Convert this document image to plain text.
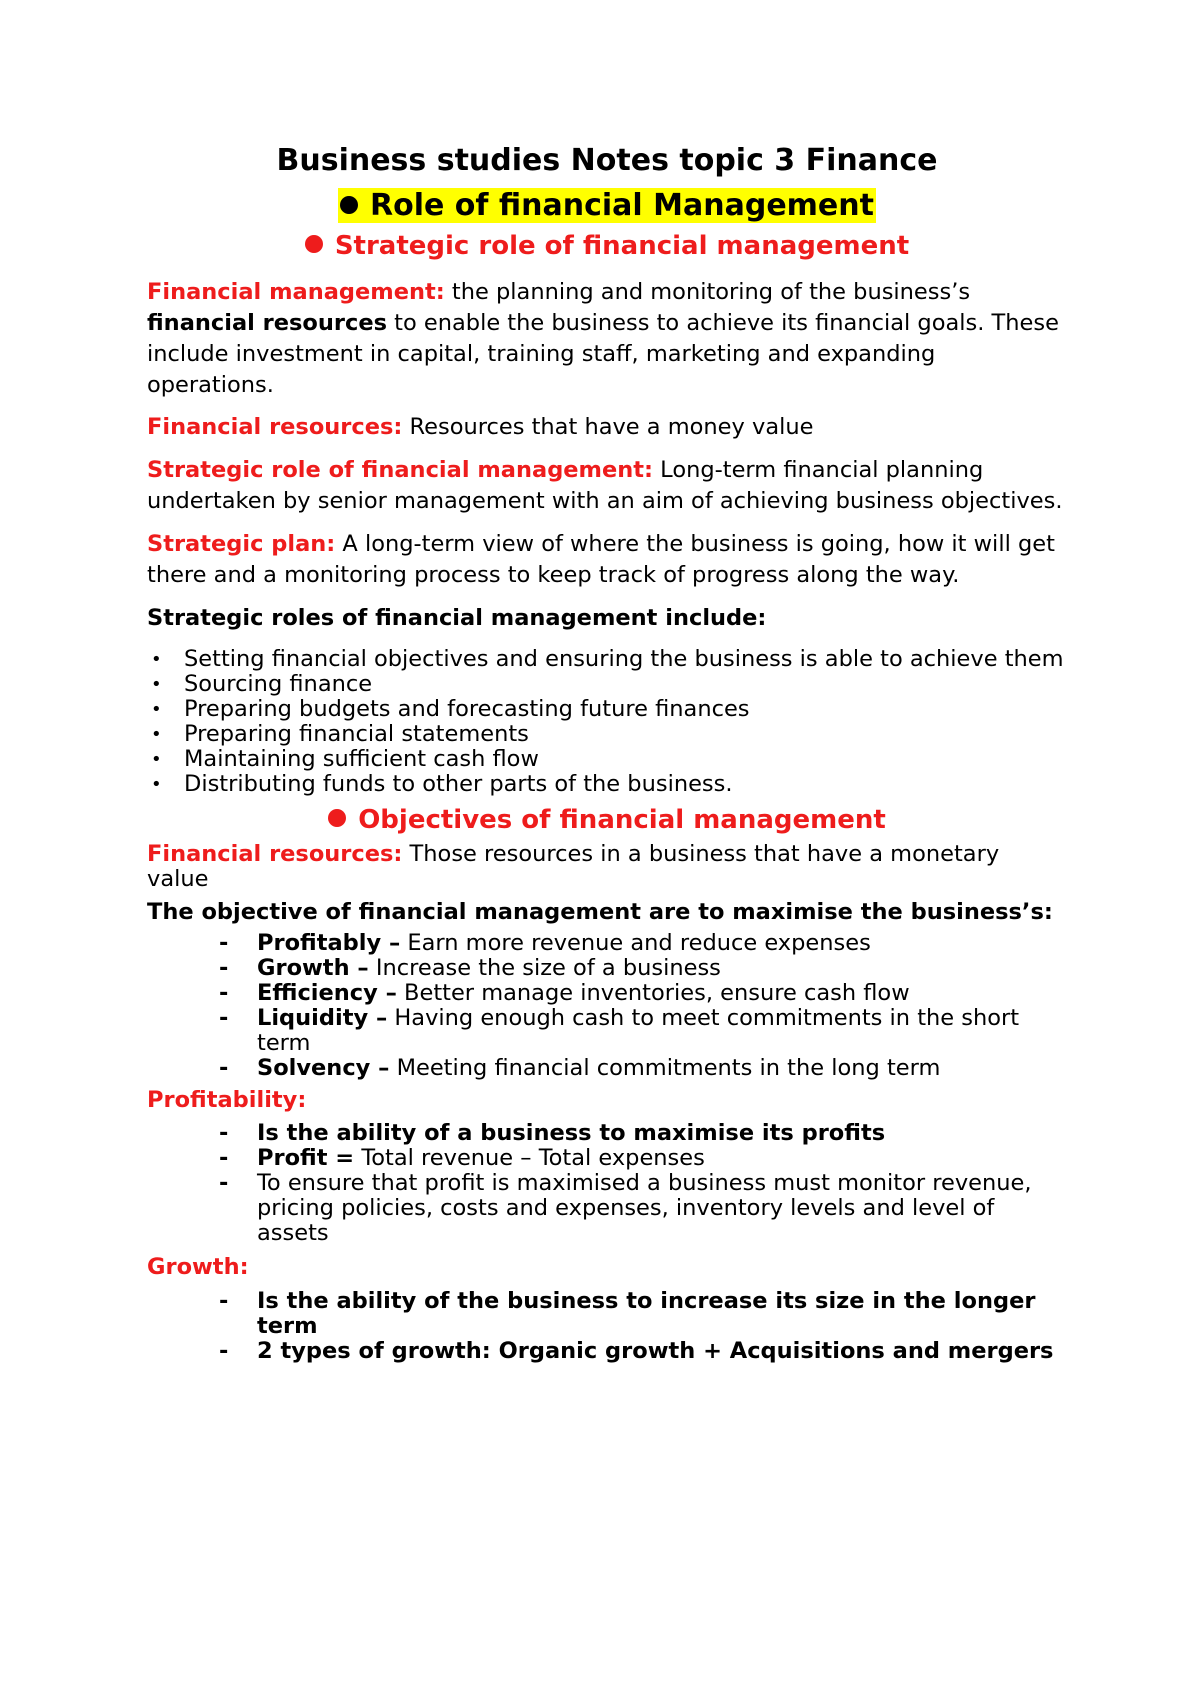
Business studies Notes topic 3 Finance
Role of financial Management
Strategic role of financial management

Financial management: the planning and monitoring of the business’s financial resources to enable the business to achieve its financial goals. These include investment in capital, training staff, marketing and expanding operations.

Financial resources: Resources that have a money value

Strategic role of financial management: Long-term financial planning undertaken by senior management with an aim of achieving business objectives.

Strategic plan: A long-term view of where the business is going, how it will get there and a monitoring process to keep track of progress along the way.

Strategic roles of financial management include:

• Setting financial objectives and ensuring the business is able to achieve them
• Sourcing finance
• Preparing budgets and forecasting future finances
• Preparing financial statements
• Maintaining sufficient cash flow
• Distributing funds to other parts of the business.
Objectives of financial management

Financial resources: Those resources in a business that have a monetary value

The objective of financial management are to maximise the business’s:

- Profitably – Earn more revenue and reduce expenses
- Growth – Increase the size of a business
- Efficiency – Better manage inventories, ensure cash flow
- Liquidity – Having enough cash to meet commitments in the short term
- Solvency – Meeting financial commitments in the long term

Profitability:

- Is the ability of a business to maximise its profits
- Profit = Total revenue – Total expenses
- To ensure that profit is maximised a business must monitor revenue, pricing policies, costs and expenses, inventory levels and level of assets

Growth:

- Is the ability of the business to increase its size in the longer term
- 2 types of growth: Organic growth + Acquisitions and mergers
